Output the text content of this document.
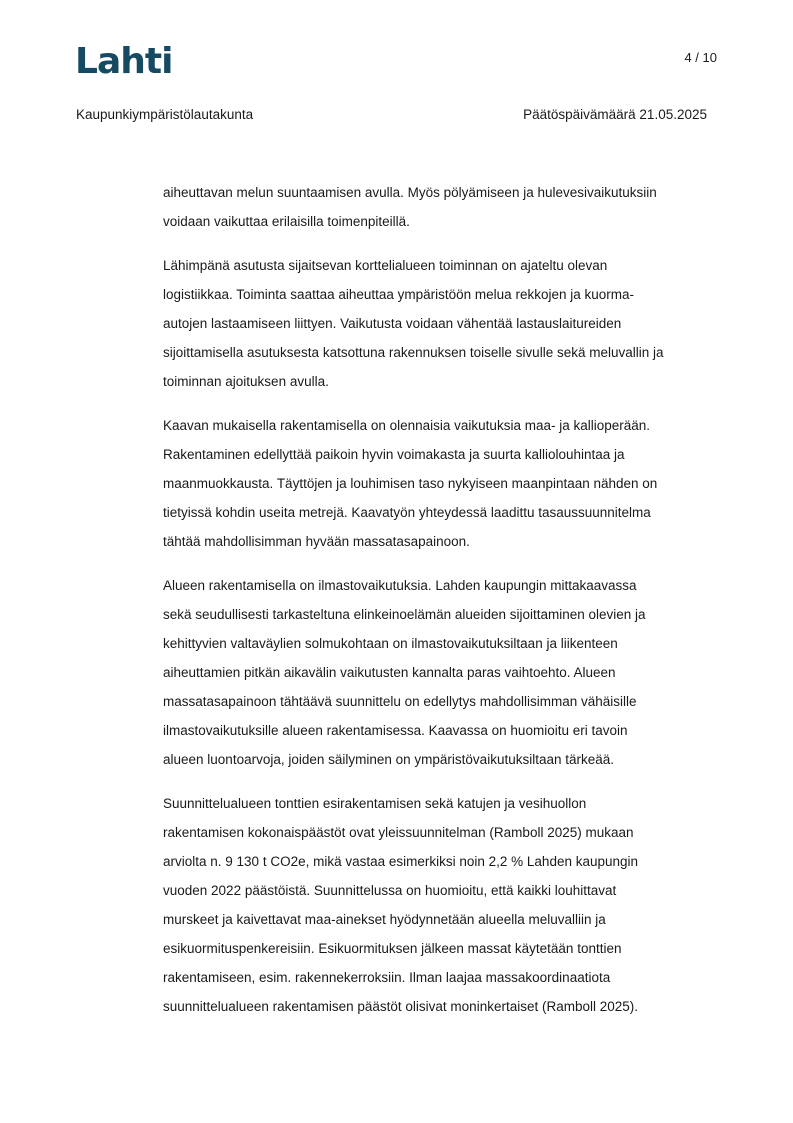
Lahti	4 / 10
Kaupunkiympäristölautakunta	Päätöspäivämäärä 21.05.2025

aiheuttavan melun suuntaamisen avulla. Myös pölyämiseen ja hulevesivaikutuksiin
voidaan vaikuttaa erilaisilla toimenpiteillä.

Lähimpänä asutusta sijaitsevan korttelialueen toiminnan on ajateltu olevan
logistiikkaa. Toiminta saattaa aiheuttaa ympäristöön melua rekkojen ja kuorma-
autojen lastaamiseen liittyen. Vaikutusta voidaan vähentää lastauslaitureiden
sijoittamisella asutuksesta katsottuna rakennuksen toiselle sivulle sekä meluvallin ja
toiminnan ajoituksen avulla.

Kaavan mukaisella rakentamisella on olennaisia vaikutuksia maa- ja kallioperään.
Rakentaminen edellyttää paikoin hyvin voimakasta ja suurta kalliolouhintaa ja
maanmuokkausta. Täyttöjen ja louhimisen taso nykyiseen maanpintaan nähden on
tietyissä kohdin useita metrejä. Kaavatyön yhteydessä laadittu tasaussuunnitelma
tähtää mahdollisimman hyvään massatasapainoon.

Alueen rakentamisella on ilmastovaikutuksia. Lahden kaupungin mittakaavassa
sekä seudullisesti tarkasteltuna elinkeinoelämän alueiden sijoittaminen olevien ja
kehittyvien valtaväylien solmukohtaan on ilmastovaikutuksiltaan ja liikenteen
aiheuttamien pitkän aikavälin vaikutusten kannalta paras vaihtoehto. Alueen
massatasapainoon tähtäävä suunnittelu on edellytys mahdollisimman vähäisille
ilmastovaikutuksille alueen rakentamisessa. Kaavassa on huomioitu eri tavoin
alueen luontoarvoja, joiden säilyminen on ympäristövaikutuksiltaan tärkeää.

Suunnittelualueen tonttien esirakentamisen sekä katujen ja vesihuollon
rakentamisen kokonaispäästöt ovat yleissuunnitelman (Ramboll 2025) mukaan
arviolta n. 9 130 t CO2e, mikä vastaa esimerkiksi noin 2,2 % Lahden kaupungin
vuoden 2022 päästöistä. Suunnittelussa on huomioitu, että kaikki louhittavat
murskeet ja kaivettavat maa-ainekset hyödynnetään alueella meluvalliin ja
esikuormituspenkereisiin. Esikuormituksen jälkeen massat käytetään tonttien
rakentamiseen, esim. rakennekerroksiin. Ilman laajaa massakoordinaatiota
suunnittelualueen rakentamisen päästöt olisivat moninkertaiset (Ramboll 2025).
